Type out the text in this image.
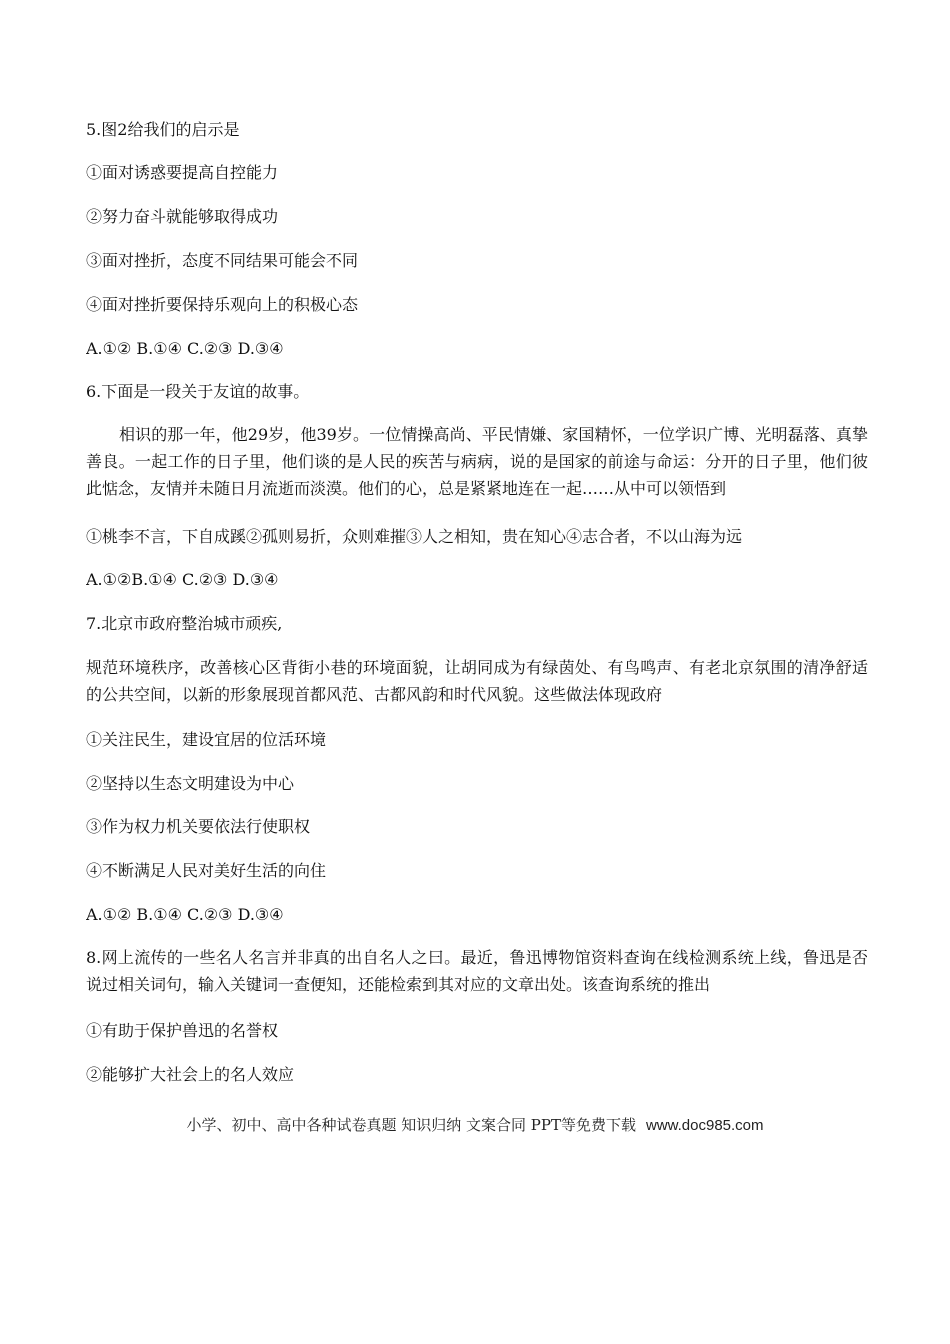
5.图2给我们的启示是
①面对诱惑要提高自控能力
②努力奋斗就能够取得成功
③面对挫折，态度不同结果可能会不同
④面对挫折要保持乐观向上的积极心态
A.①② B.①④ C.②③ D.③④
6.下面是一段关于友谊的故事。
相识的那一年，他29岁，他39岁。一位情操高尚、平民情嫌、家国精怀，一位学识广博、光明磊落、真挚善良。一起工作的日子里，他们谈的是人民的疾苦与病病，说的是国家的前途与命运：分开的日子里，他们彼此惦念，友情并未随日月流逝而淡漠。他们的心，总是紧紧地连在一起……从中可以领悟到
①桃李不言，下自成蹊②孤则易折，众则难摧③人之相知，贵在知心④志合者，不以山海为远
A.①②B.①④ C.②③ D.③④
7.北京市政府整治城市顽疾,
规范环境秩序，改善核心区背街小巷的环境面貌，让胡同成为有绿茵处、有鸟鸣声、有老北京氛围的清净舒适的公共空间，以新的形象展现首都风范、古都风韵和时代风貌。这些做法体现政府
①关注民生，建设宜居的位活环境
②坚持以生态文明建设为中心
③作为权力机关要依法行使职权
④不断满足人民对美好生活的向住
A.①② B.①④ C.②③ D.③④
8.网上流传的一些名人名言并非真的出自名人之曰。最近，鲁迅博物馆资料查询在线检测系统上线，鲁迅是否说过相关词句，输入关键词一查便知，还能检索到其对应的文章出处。该查询系统的推出
①有助于保护兽迅的名誉权
②能够扩大社会上的名人效应
小学、初中、高中各种试卷真题 知识归纳 文案合同 PPT等免费下载 www.doc985.com
